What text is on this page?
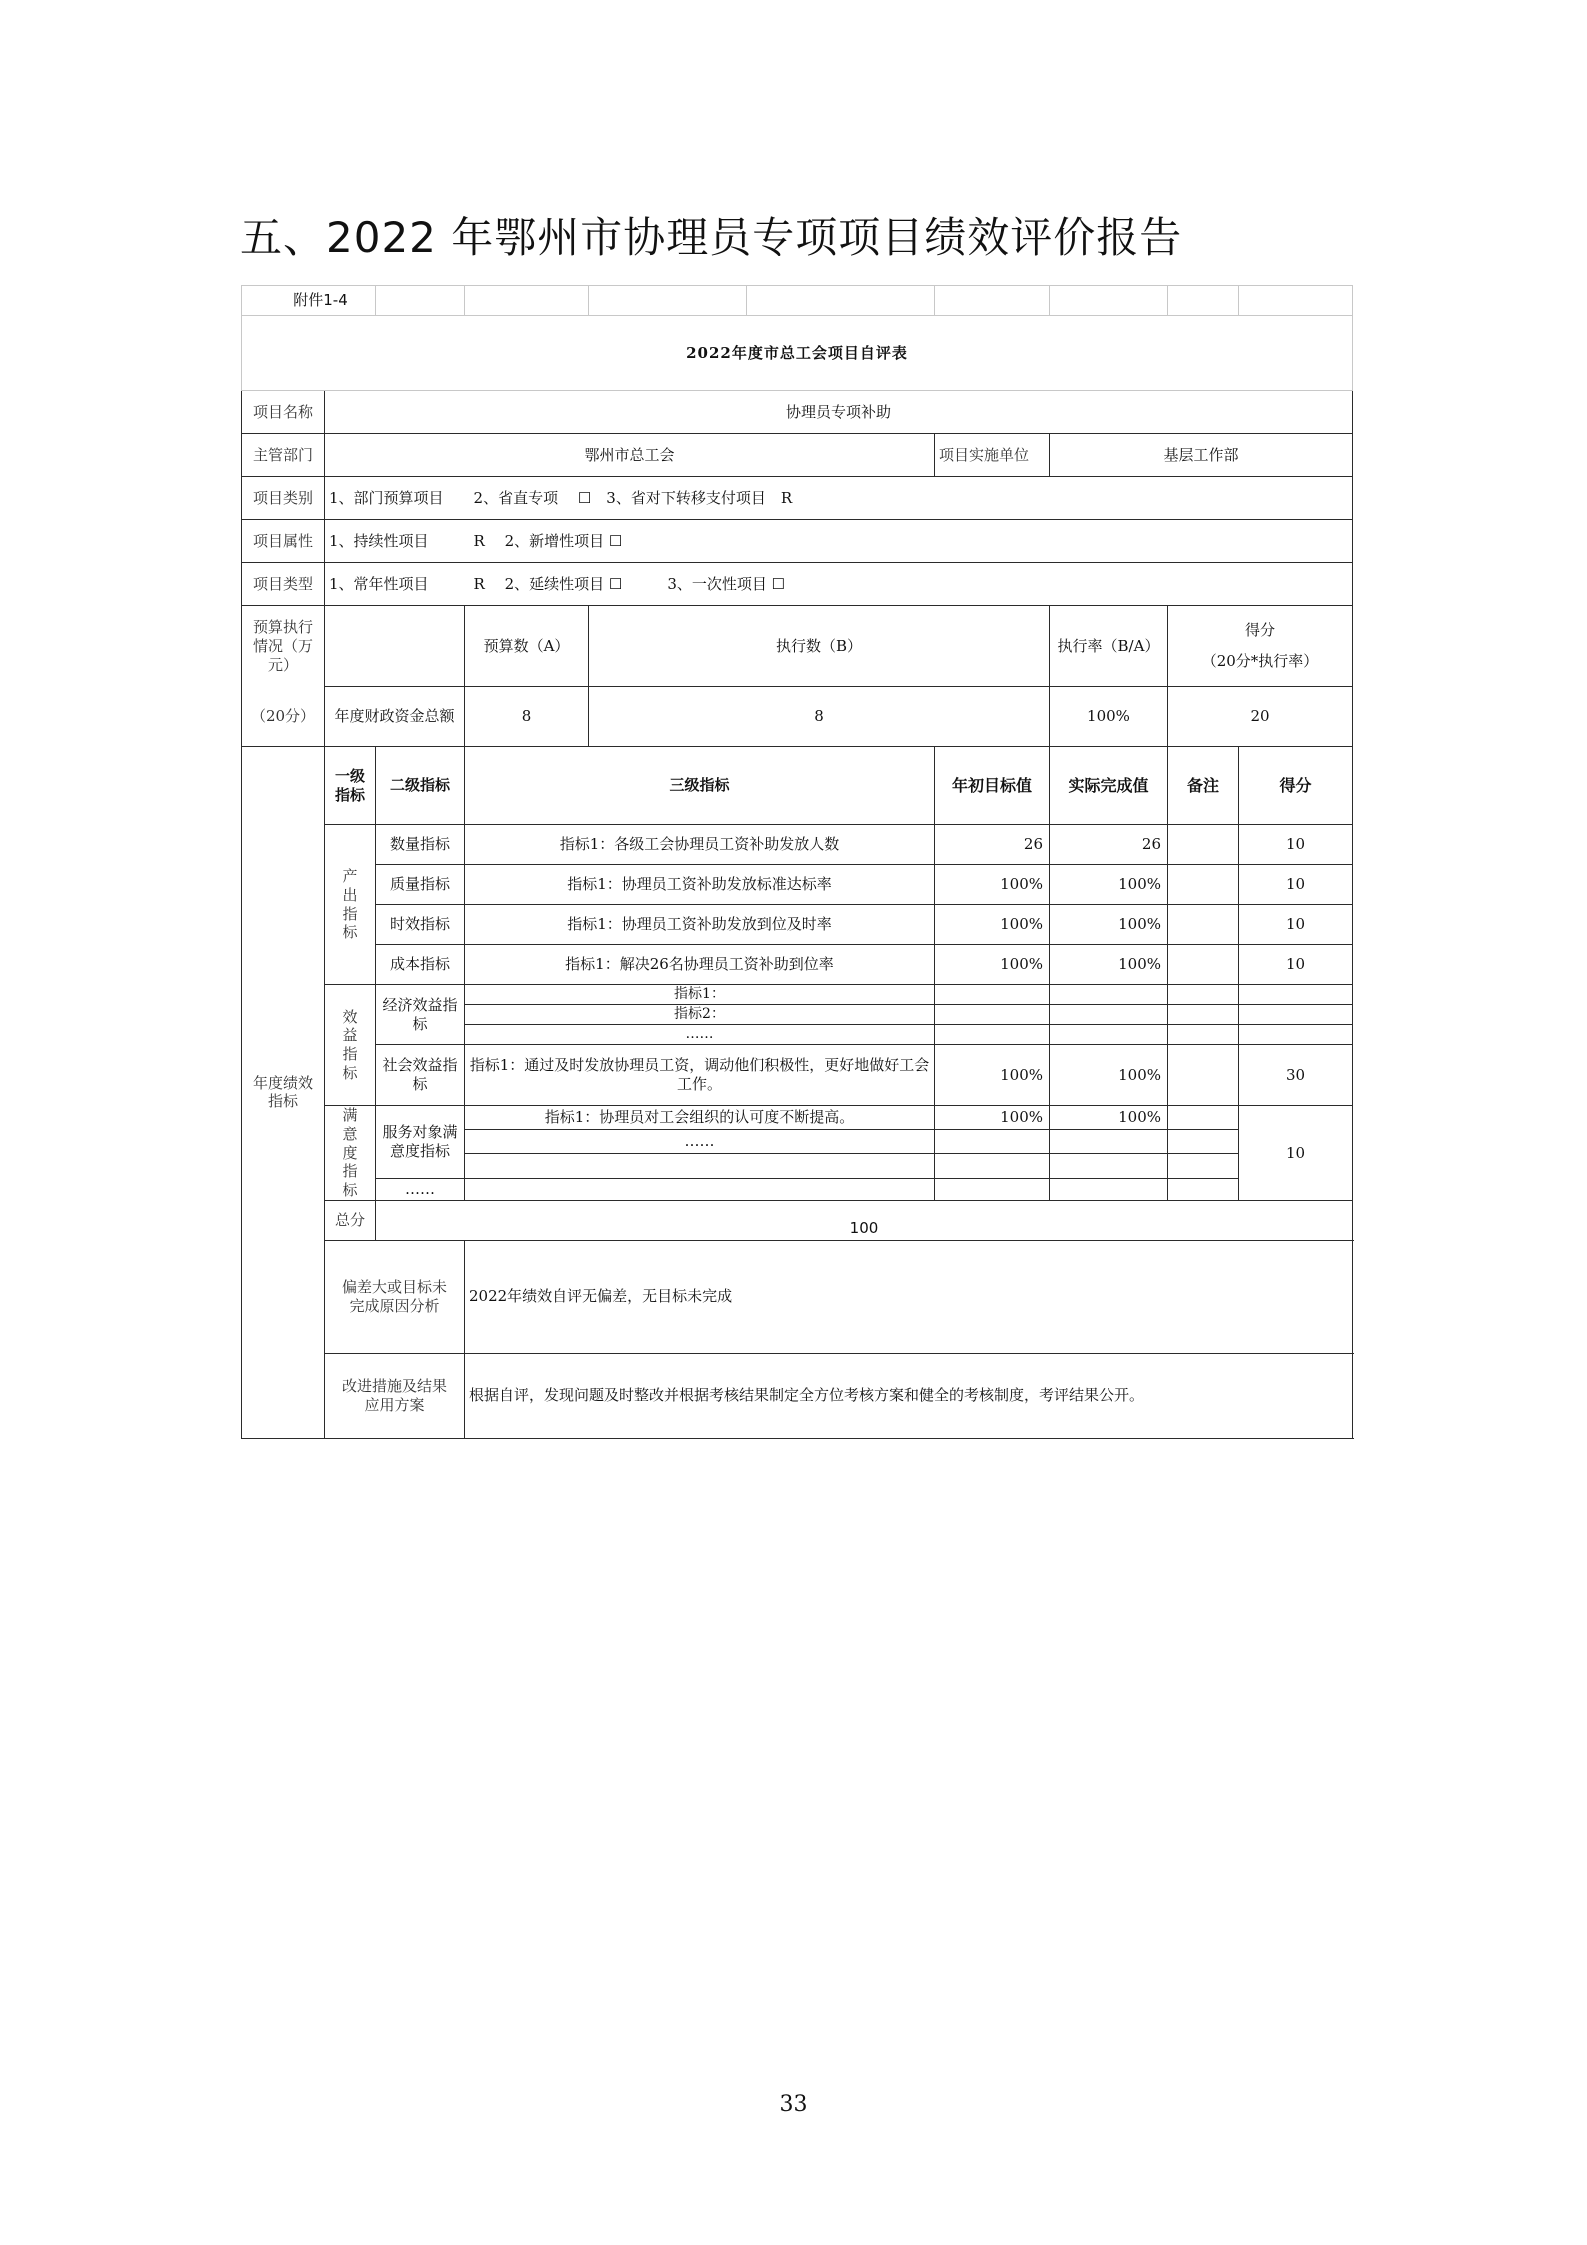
五、2022 年鄂州市协理员专项项目绩效评价报告
附件1-4									
2022年度市总工会项目自评表									
项目名称	协理员专项补助								
主管部门	鄂州市总工会					项目实施单位	基层工作部		
项目类别	1、部门预算项目　　2、省直专项　 ☐　3、省对下转移支付项目　R								
项目属性	1、持续性项目　　　R　 2、新增性项目 ☐								
项目类型	1、常年性项目　　　R　 2、延续性项目 ☐　　　3、一次性项目 ☐								
预算执行情况（万元）			预算数（A）	执行数（B）			执行率（B/A）	得分
（20分*执行率）	

（20分）	年度财政资金总额		8	8			100%	20	
年度绩效指标	一级指标	二级指标	三级指标			年初目标值	实际完成值	备注	得分
	产出指标	数量指标	指标1：各级工会协理员工资补助发放人数			26	26		10
		质量指标	指标1：协理员工资补助发放标准达标率			100%	100%		10
		时效指标	指标1：协理员工资补助发放到位及时率			100%	100%		10
		成本指标	指标1：解决26名协理员工资补助到位率			100%	100%		10
	效益指标	经济效益指标	指标1：						
			指标2：						
			……						
		社会效益指标	指标1：通过及时发放协理员工资，调动他们积极性，更好地做好工会工作。			100%	100%		30
	满意度指标	服务对象满意度指标	指标1：协理员对工会组织的认可度不断提高。			100%	100%		10
			……						

		……							
	总分	100							
	偏差大或目标未完成原因分析		2022年绩效自评无偏差，无目标未完成						
	改进措施及结果应用方案		根据自评，发现问题及时整改并根据考核结果制定全方位考核方案和健全的考核制度，考评结果公开。						
33
